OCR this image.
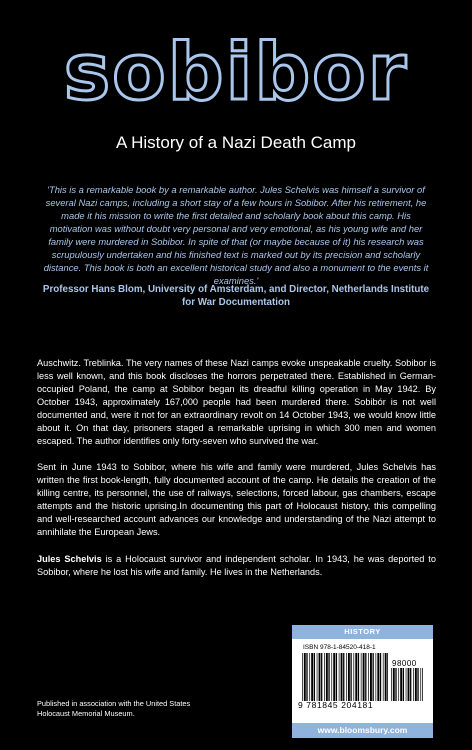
sobibor
A History of a Nazi Death Camp
'This is a remarkable book by a remarkable author. Jules Schelvis was himself a survivor of several Nazi camps, including a short stay of a few hours in Sobibor. After his retirement, he made it his mission to write the first detailed and scholarly book about this camp. His motivation was without doubt very personal and very emotional, as his young wife and her family were murdered in Sobibor. In spite of that (or maybe because of it) his research was scrupulously undertaken and his finished text is marked out by its precision and scholarly distance. This book is both an excellent historical study and also a monument to the events it examines.'
Professor Hans Blom, University of Amsterdam, and Director, Netherlands Institute for War Documentation
Auschwitz. Treblinka. The very names of these Nazi camps evoke unspeakable cruelty. Sobibor is less well known, and this book discloses the horrors perpetrated there. Established in German-occupied Poland, the camp at Sobibor began its dreadful killing operation in May 1942. By October 1943, approximately 167,000 people had been murdered there. Sobibór is not well documented and, were it not for an extraordinary revolt on 14 October 1943, we would know little about it. On that day, prisoners staged a remarkable uprising in which 300 men and women escaped. The author identifies only forty-seven who survived the war.
Sent in June 1943 to Sobibor, where his wife and family were murdered, Jules Schelvis has written the first book-length, fully documented account of the camp. He details the creation of the killing centre, its personnel, the use of railways, selections, forced labour, gas chambers, escape attempts and the historic uprising.In documenting this part of Holocaust history, this compelling and well-researched account advances our knowledge and understanding of the Nazi attempt to annihilate the European Jews.
Jules Schelvis is a Holocaust survivor and independent scholar. In 1943, he was deported to Sobibor, where he lost his wife and family. He lives in the Netherlands.
Published in association with the United States
Holocaust Memorial Museum.
HISTORY
ISBN 978-1-84520-418-1
98000
9 781845 204181
www.bloomsbury.com
